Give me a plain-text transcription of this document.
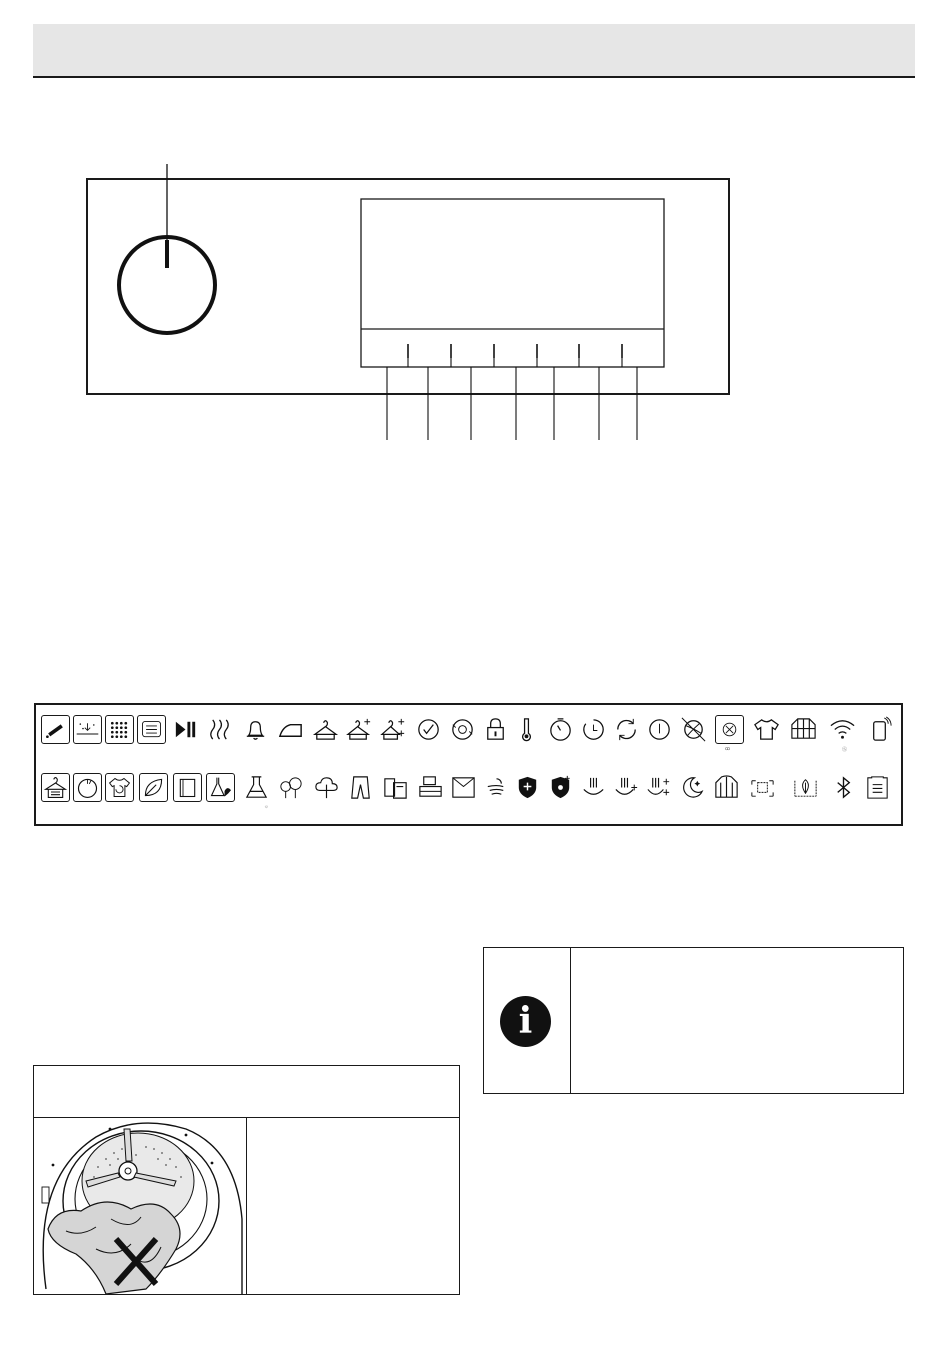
ꝏ	Ⓢ
☼
i
